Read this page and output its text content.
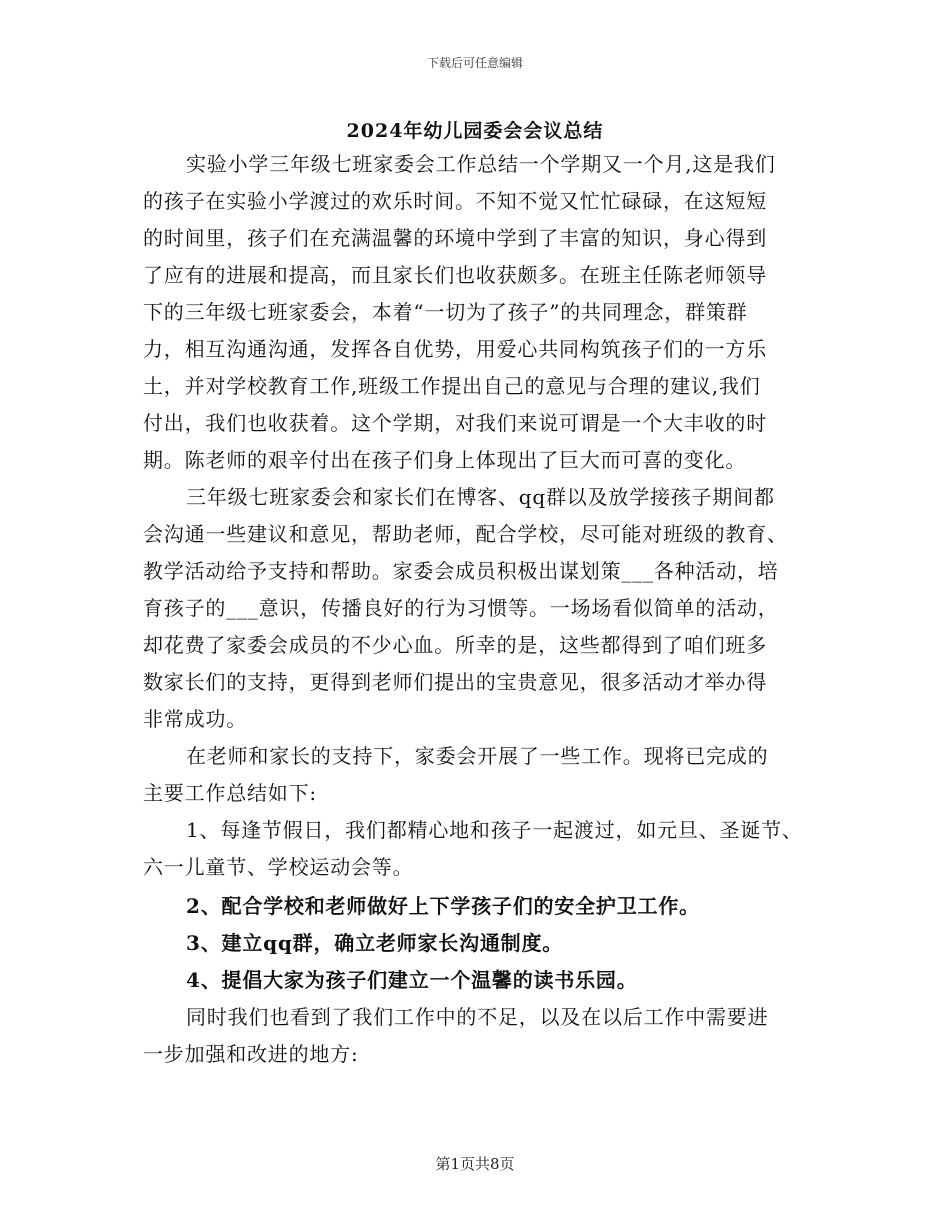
下载后可任意编辑
2024年幼儿园委会会议总结
实验小学三年级七班家委会工作总结一个学期又一个月,这是我们
的孩子在实验小学渡过的欢乐时间。不知不觉又忙忙碌碌，在这短短
的时间里，孩子们在充满温馨的环境中学到了丰富的知识，身心得到
了应有的进展和提高，而且家长们也收获颇多。在班主任陈老师领导
下的三年级七班家委会，本着“一切为了孩子”的共同理念，群策群
力，相互沟通沟通，发挥各自优势，用爱心共同构筑孩子们的一方乐
土，并对学校教育工作,班级工作提出自己的意见与合理的建议,我们
付出，我们也收获着。这个学期，对我们来说可谓是一个大丰收的时
期。陈老师的艰辛付出在孩子们身上体现出了巨大而可喜的变化。
三年级七班家委会和家长们在博客、qq群以及放学接孩子期间都
会沟通一些建议和意见，帮助老师，配合学校，尽可能对班级的教育、
教学活动给予支持和帮助。家委会成员积极出谋划策___各种活动，培
育孩子的___意识，传播良好的行为习惯等。一场场看似简单的活动，
却花费了家委会成员的不少心血。所幸的是，这些都得到了咱们班多
数家长们的支持，更得到老师们提出的宝贵意见，很多活动才举办得
非常成功。
在老师和家长的支持下，家委会开展了一些工作。现将已完成的
主要工作总结如下:
1、每逢节假日，我们都精心地和孩子一起渡过，如元旦、圣诞节、
六一儿童节、学校运动会等。
2、配合学校和老师做好上下学孩子们的安全护卫工作。
3、建立qq群，确立老师家长沟通制度。
4、提倡大家为孩子们建立一个温馨的读书乐园。
同时我们也看到了我们工作中的不足，以及在以后工作中需要进
一步加强和改进的地方:
第1页共8页
